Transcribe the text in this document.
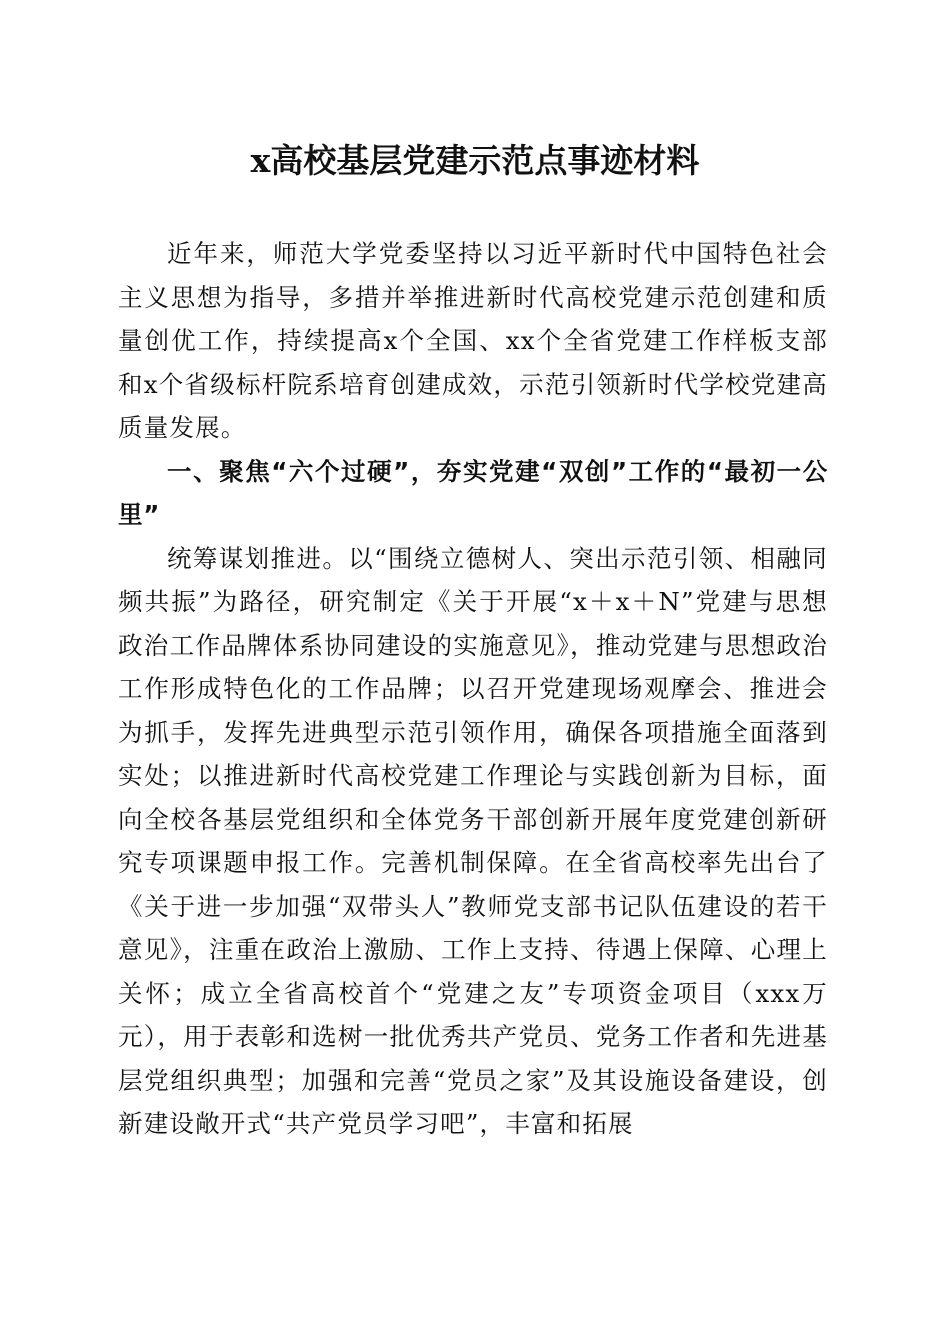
x高校基层党建示范点事迹材料

近年来，师范大学党委坚持以习近平新时代中国特色社会主义思想为指导，多措并举推进新时代高校党建示范创建和质量创优工作，持续提高x个全国、xx个全省党建工作样板支部和x个省级标杆院系培育创建成效，示范引领新时代学校党建高质量发展。

一、聚焦“六个过硬”，夯实党建“双创”工作的“最初一公里”

统筹谋划推进。以“围绕立德树人、突出示范引领、相融同频共振”为路径，研究制定《关于开展“x＋x＋N”党建与思想政治工作品牌体系协同建设的实施意见》，推动党建与思想政治工作形成特色化的工作品牌；以召开党建现场观摩会、推进会为抓手，发挥先进典型示范引领作用，确保各项措施全面落到实处；以推进新时代高校党建工作理论与实践创新为目标，面向全校各基层党组织和全体党务干部创新开展年度党建创新研究专项课题申报工作。完善机制保障。在全省高校率先出台了《关于进一步加强“双带头人”教师党支部书记队伍建设的若干意见》，注重在政治上激励、工作上支持、待遇上保障、心理上关怀；成立全省高校首个“党建之友”专项资金项目（xxx万元），用于表彰和选树一批优秀共产党员、党务工作者和先进基层党组织典型；加强和完善“党员之家”及其设施设备建设，创新建设敞开式“共产党员学习吧”，丰富和拓展
